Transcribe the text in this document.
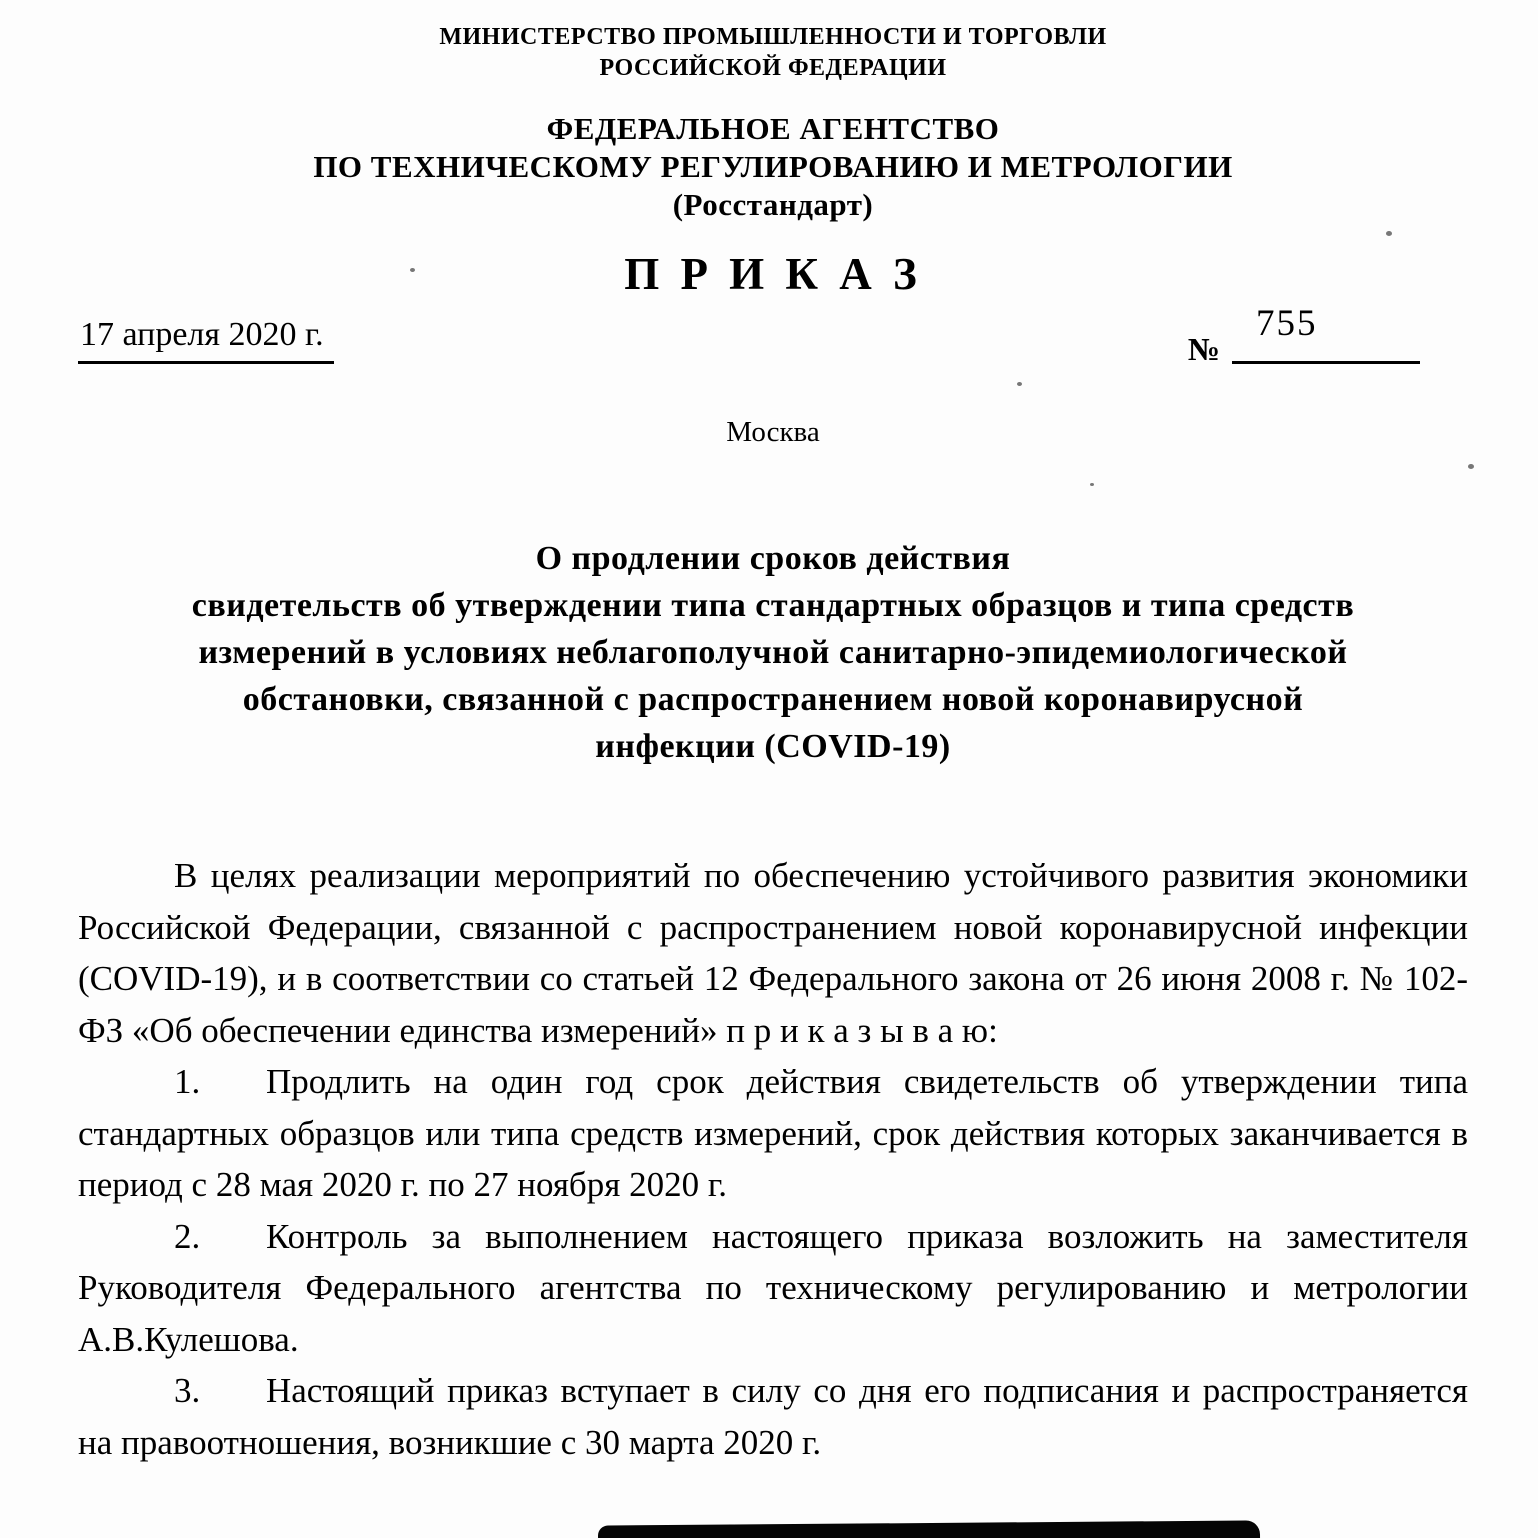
МИНИСТЕРСТВО ПРОМЫШЛЕННОСТИ И ТОРГОВЛИ
РОССИЙСКОЙ ФЕДЕРАЦИИ
ФЕДЕРАЛЬНОЕ АГЕНТСТВО
ПО ТЕХНИЧЕСКОМУ РЕГУЛИРОВАНИЮ И МЕТРОЛОГИИ
(Росстандарт)
П Р И К А З
17 апреля 2020 г.	№
755
Москва
О продлении сроков действия
свидетельств об утверждении типа стандартных образцов и типа средств
измерений в условиях неблагополучной санитарно-эпидемиологической
обстановки, связанной с распространением новой коронавирусной
инфекции (COVID-19)

В целях реализации мероприятий по обеспечению устойчивого развития экономики Российской Федерации, связанной с распространением новой коронавирусной инфекции (COVID-19), и в соответствии со статьей 12 Федерального закона от 26 июня 2008 г. № 102-ФЗ «Об обеспечении единства измерений» п р и к а з ы в а ю:

1. Продлить на один год срок действия свидетельств об утверждении типа стандартных образцов или типа средств измерений, срок действия которых заканчивается в период с 28 мая 2020 г. по 27 ноября 2020 г.

2. Контроль за выполнением настоящего приказа возложить на заместителя Руководителя Федерального агентства по техническому регулированию и метрологии А.В.Кулешова.

3. Настоящий приказ вступает в силу со дня его подписания и распространяется на правоотношения, возникшие с 30 марта 2020 г.
